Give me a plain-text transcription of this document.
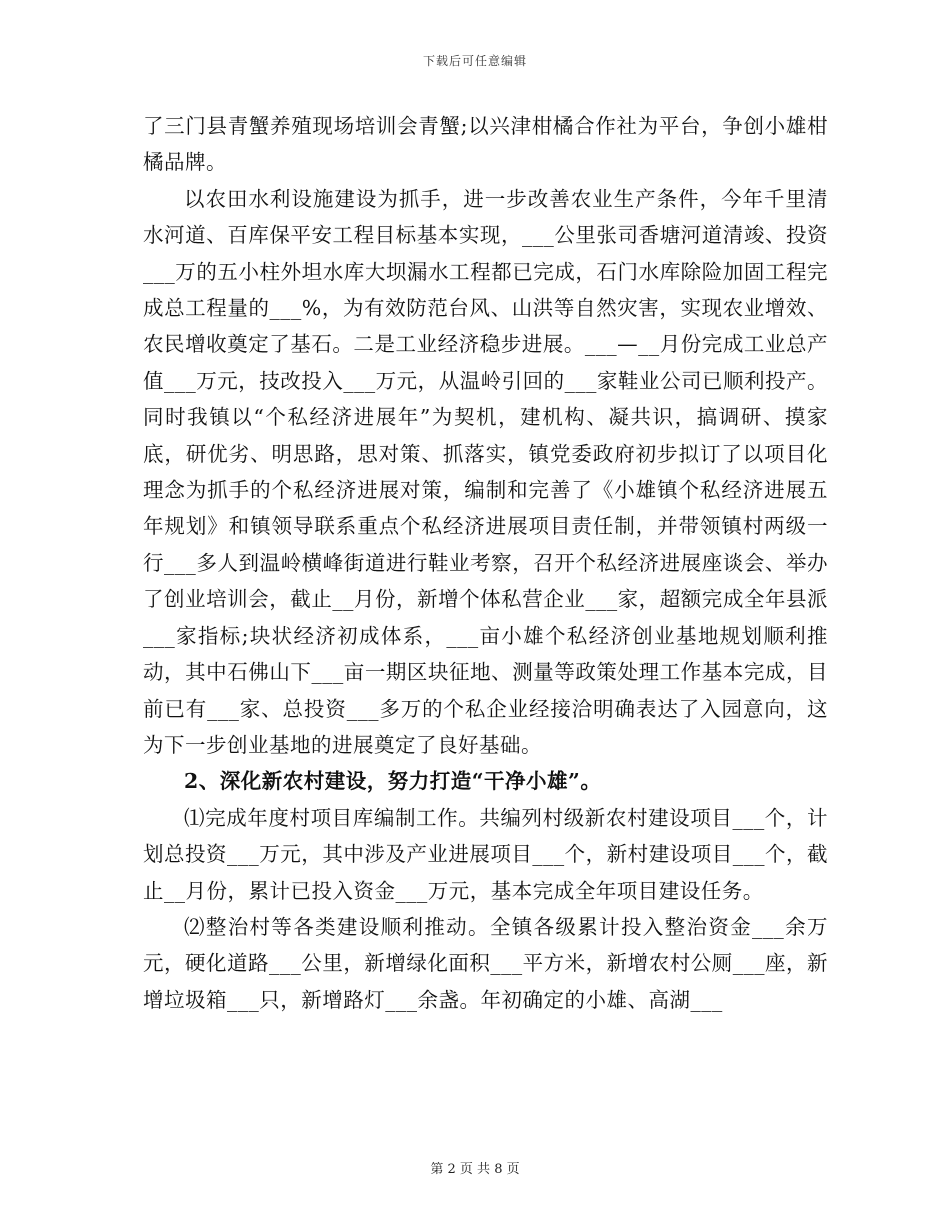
下载后可任意编辑

了三门县青蟹养殖现场培训会青蟹;以兴津柑橘合作社为平台，争创小雄柑橘品牌。

以农田水利设施建设为抓手，进一步改善农业生产条件，今年千里清水河道、百库保平安工程目标基本实现，___公里张司香塘河道清竣、投资___万的五小柱外坦水库大坝漏水工程都已完成，石门水库除险加固工程完成总工程量的___%，为有效防范台风、山洪等自然灾害，实现农业增效、农民增收奠定了基石。二是工业经济稳步进展。___—__月份完成工业总产值___万元，技改投入___万元，从温岭引回的___家鞋业公司已顺利投产。同时我镇以“个私经济进展年”为契机，建机构、凝共识，搞调研、摸家底，研优劣、明思路，思对策、抓落实，镇党委政府初步拟订了以项目化理念为抓手的个私经济进展对策，编制和完善了《小雄镇个私经济进展五年规划》和镇领导联系重点个私经济进展项目责任制，并带领镇村两级一行___多人到温岭横峰街道进行鞋业考察，召开个私经济进展座谈会、举办了创业培训会，截止__月份，新增个体私营企业___家，超额完成全年县派___家指标;块状经济初成体系，___亩小雄个私经济创业基地规划顺利推动，其中石佛山下___亩一期区块征地、测量等政策处理工作基本完成，目前已有___家、总投资___多万的个私企业经接洽明确表达了入园意向，这为下一步创业基地的进展奠定了良好基础。

2、深化新农村建设，努力打造“干净小雄”。

⑴完成年度村项目库编制工作。共编列村级新农村建设项目___个，计划总投资___万元，其中涉及产业进展项目___个，新村建设项目___个，截止__月份，累计已投入资金___万元，基本完成全年项目建设任务。

⑵整治村等各类建设顺利推动。全镇各级累计投入整治资金___余万元，硬化道路___公里，新增绿化面积___平方米，新增农村公厕___座，新增垃圾箱___只，新增路灯___余盏。年初确定的小雄、高湖___

第 2 页 共 8 页
